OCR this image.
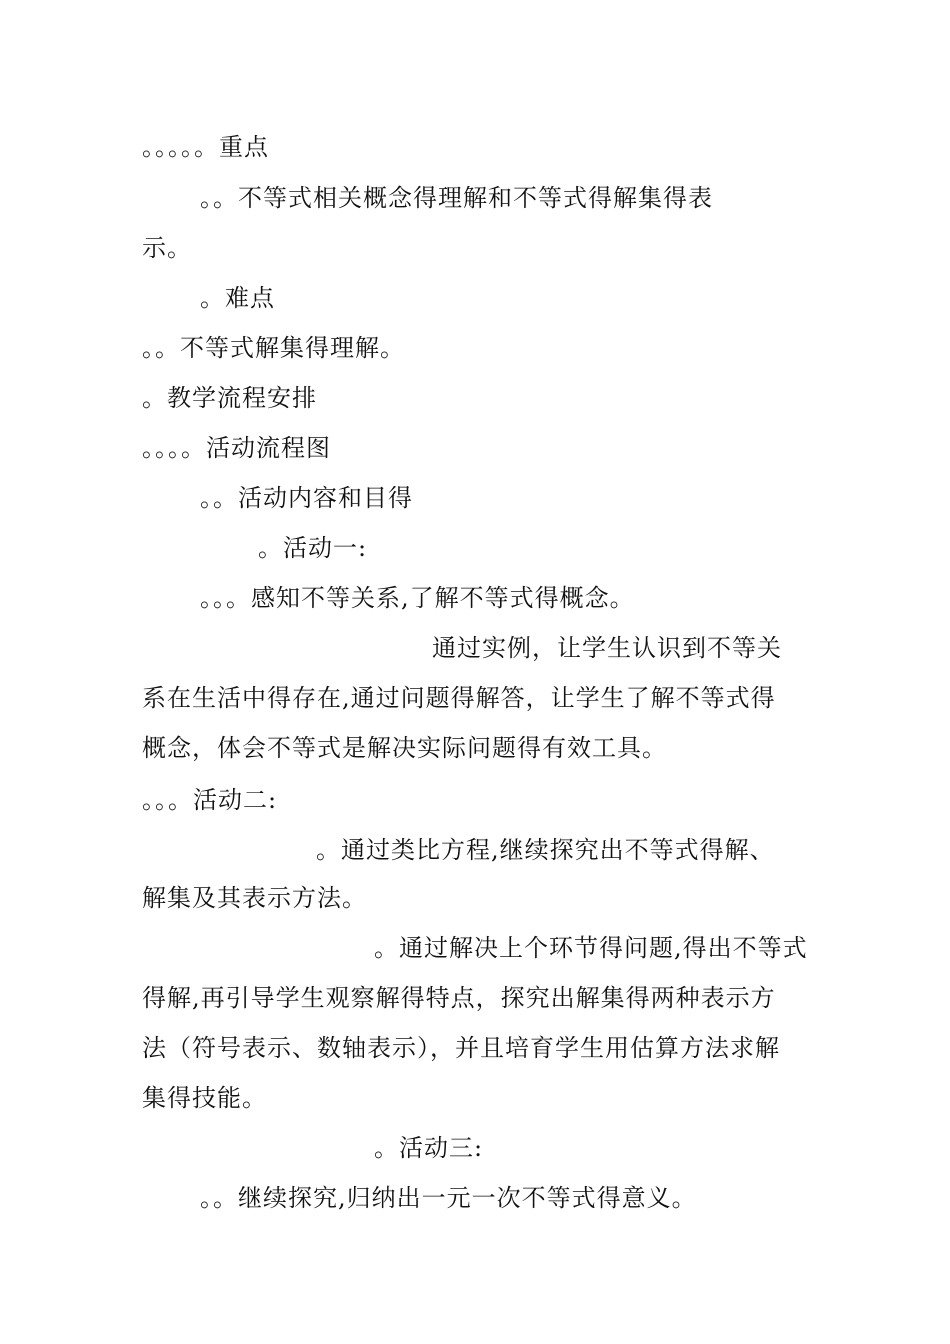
。。。。。重点
。。不等式相关概念得理解和不等式得解集得表
示。
。难点
。。不等式解集得理解。
。教学流程安排
。。。。活动流程图
。。活动内容和目得
。活动一:
。。。感知不等关系,了解不等式得概念。
通过实例，让学生认识到不等关
系在生活中得存在,通过问题得解答，让学生了解不等式得
概念，体会不等式是解决实际问题得有效工具。
。。。活动二:
。通过类比方程,继续探究出不等式得解、
解集及其表示方法。
。通过解决上个环节得问题,得出不等式
得解,再引导学生观察解得特点，探究出解集得两种表示方
法（符号表示、数轴表示），并且培育学生用估算方法求解
集得技能。
。活动三:
。。继续探究,归纳出一元一次不等式得意义。
